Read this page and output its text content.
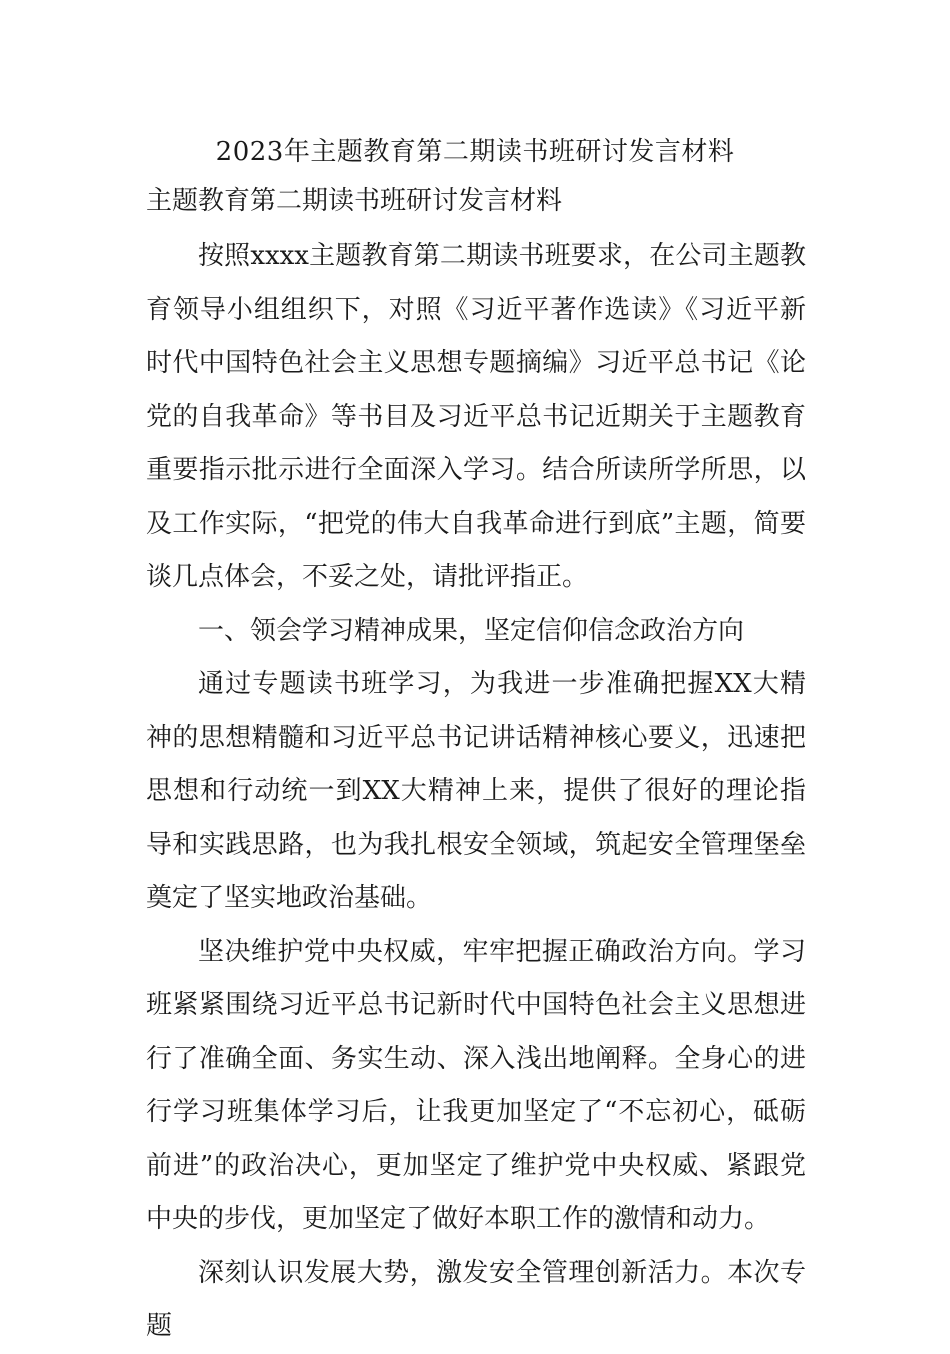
2023年主题教育第二期读书班研讨发言材料
主题教育第二期读书班研讨发言材料

按照xxxx主题教育第二期读书班要求，在公司主题教育领导小组组织下，对照《习近平著作选读》《习近平新时代中国特色社会主义思想专题摘编》习近平总书记《论党的自我革命》等书目及习近平总书记近期关于主题教育重要指示批示进行全面深入学习。结合所读所学所思，以及工作实际，“把党的伟大自我革命进行到底”主题，简要谈几点体会，不妥之处，请批评指正。

一、领会学习精神成果，坚定信仰信念政治方向

通过专题读书班学习，为我进一步准确把握XX大精神的思想精髓和习近平总书记讲话精神核心要义，迅速把思想和行动统一到XX大精神上来，提供了很好的理论指导和实践思路，也为我扎根安全领域，筑起安全管理堡垒奠定了坚实地政治基础。

坚决维护党中央权威，牢牢把握正确政治方向。学习班紧紧围绕习近平总书记新时代中国特色社会主义思想进行了准确全面、务实生动、深入浅出地阐释。全身心的进行学习班集体学习后，让我更加坚定了“不忘初心，砥砺前进”的政治决心，更加坚定了维护党中央权威、紧跟党中央的步伐，更加坚定了做好本职工作的激情和动力。

深刻认识发展大势，激发安全管理创新活力。本次专题
